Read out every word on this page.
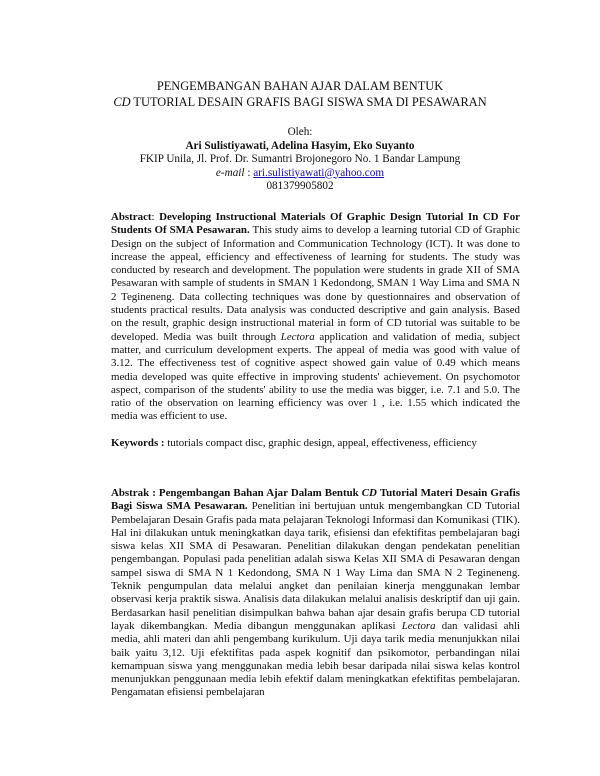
PENGEMBANGAN BAHAN AJAR DALAM BENTUK
CD TUTORIAL DESAIN GRAFIS BAGI SISWA SMA DI PESAWARAN
Oleh:
Ari Sulistiyawati, Adelina Hasyim, Eko Suyanto
FKIP Unila, Jl. Prof. Dr. Sumantri Brojonegoro No. 1 Bandar Lampung
e-mail : ari.sulistiyawati@yahoo.com
081379905802
Abstract: Developing Instructional Materials Of Graphic Design Tutorial In CD For Students Of SMA Pesawaran. This study aims to develop a learning tutorial CD of Graphic Design on the subject of Information and Communication Technology (ICT). It was done to increase the appeal, efficiency and effectiveness of learning for students. The study was conducted by research and development. The population were students in grade XII of SMA Pesawaran with sample of students in SMAN 1 Kedondong, SMAN 1 Way Lima and SMA N 2 Tegineneng. Data collecting techniques was done by questionnaires and observation of students practical results. Data analysis was conducted descriptive and gain analysis. Based on the result, graphic design instructional material in form of CD tutorial was suitable to be developed. Media was built through Lectora application and validation of media, subject matter, and curriculum development experts. The appeal of media was good with value of 3.12. The effectiveness test of cognitive aspect showed gain value of 0.49 which means media developed was quite effective in improving students' achievement. On psychomotor aspect, comparison of the students' ability to use the media was bigger, i.e. 7.1 and 5.0. The ratio of the observation on learning efficiency was over 1 , i.e. 1.55 which indicated the media was efficient to use.
Keywords : tutorials compact disc, graphic design, appeal, effectiveness, efficiency
Abstrak : Pengembangan Bahan Ajar Dalam Bentuk CD Tutorial Materi Desain Grafis Bagi Siswa SMA Pesawaran. Penelitian ini bertujuan untuk mengembangkan CD Tutorial Pembelajaran Desain Grafis pada mata pelajaran Teknologi Informasi dan Komunikasi (TIK). Hal ini dilakukan untuk meningkatkan daya tarik, efisiensi dan efektifitas pembelajaran bagi siswa kelas XII SMA di Pesawaran. Penelitian dilakukan dengan pendekatan penelitian pengembangan. Populasi pada penelitian adalah siswa Kelas XII SMA di Pesawaran dengan sampel siswa di SMA N 1 Kedondong, SMA N 1 Way Lima dan SMA N 2 Tegineneng. Teknik pengumpulan data melalui angket dan penilaian kinerja menggunakan lembar observasi kerja praktik siswa. Analisis data dilakukan melalui analisis deskriptif dan uji gain. Berdasarkan hasil penelitian disimpulkan bahwa bahan ajar desain grafis berupa CD tutorial layak dikembangkan. Media dibangun menggunakan aplikasi Lectora dan validasi ahli media, ahli materi dan ahli pengembang kurikulum. Uji daya tarik media menunjukkan nilai baik yaitu 3,12. Uji efektifitas pada aspek kognitif dan psikomotor, perbandingan nilai kemampuan siswa yang menggunakan media lebih besar daripada nilai siswa kelas kontrol menunjukkan penggunaan media lebih efektif dalam meningkatkan efektifitas pembelajaran. Pengamatan efisiensi pembelajaran
